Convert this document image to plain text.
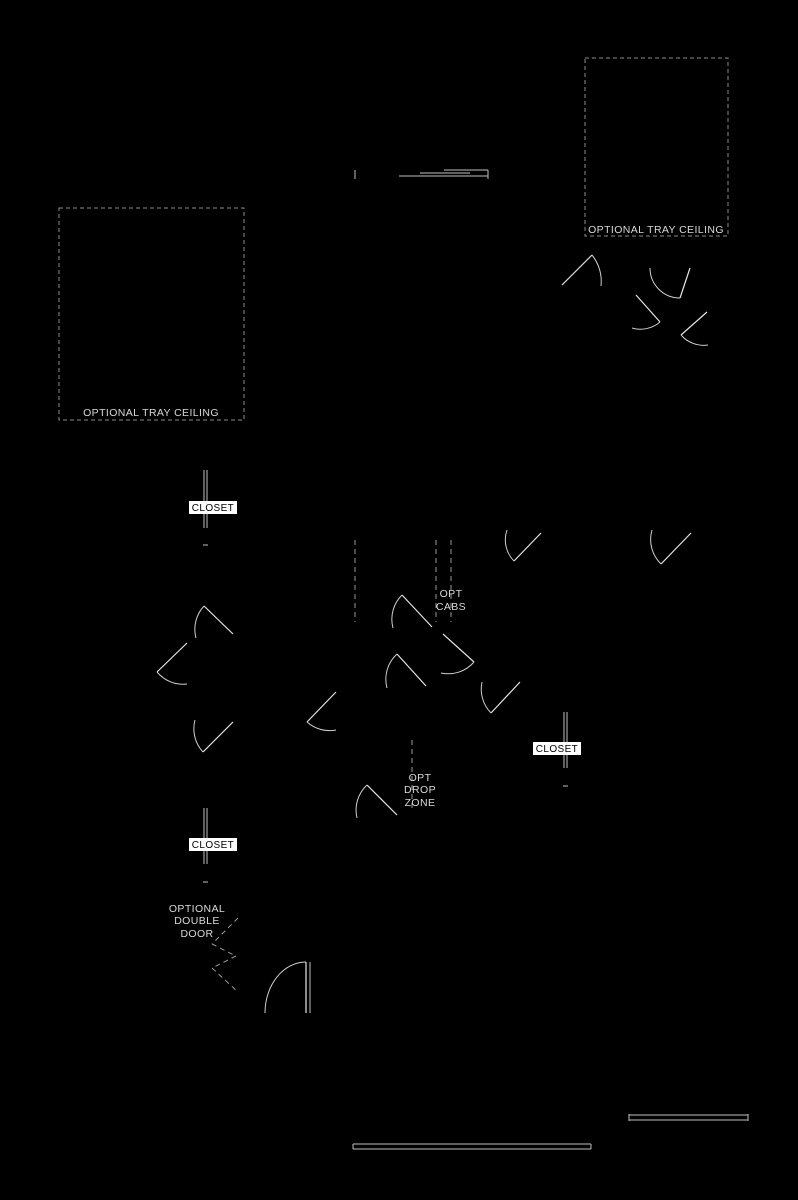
OPTIONAL TRAY CEILING
OPTIONAL TRAY CEILING
CLOSET
OPT
CABS
CLOSET
OPT
DROP
ZONE
CLOSET
OPTIONAL
DOUBLE
DOOR
